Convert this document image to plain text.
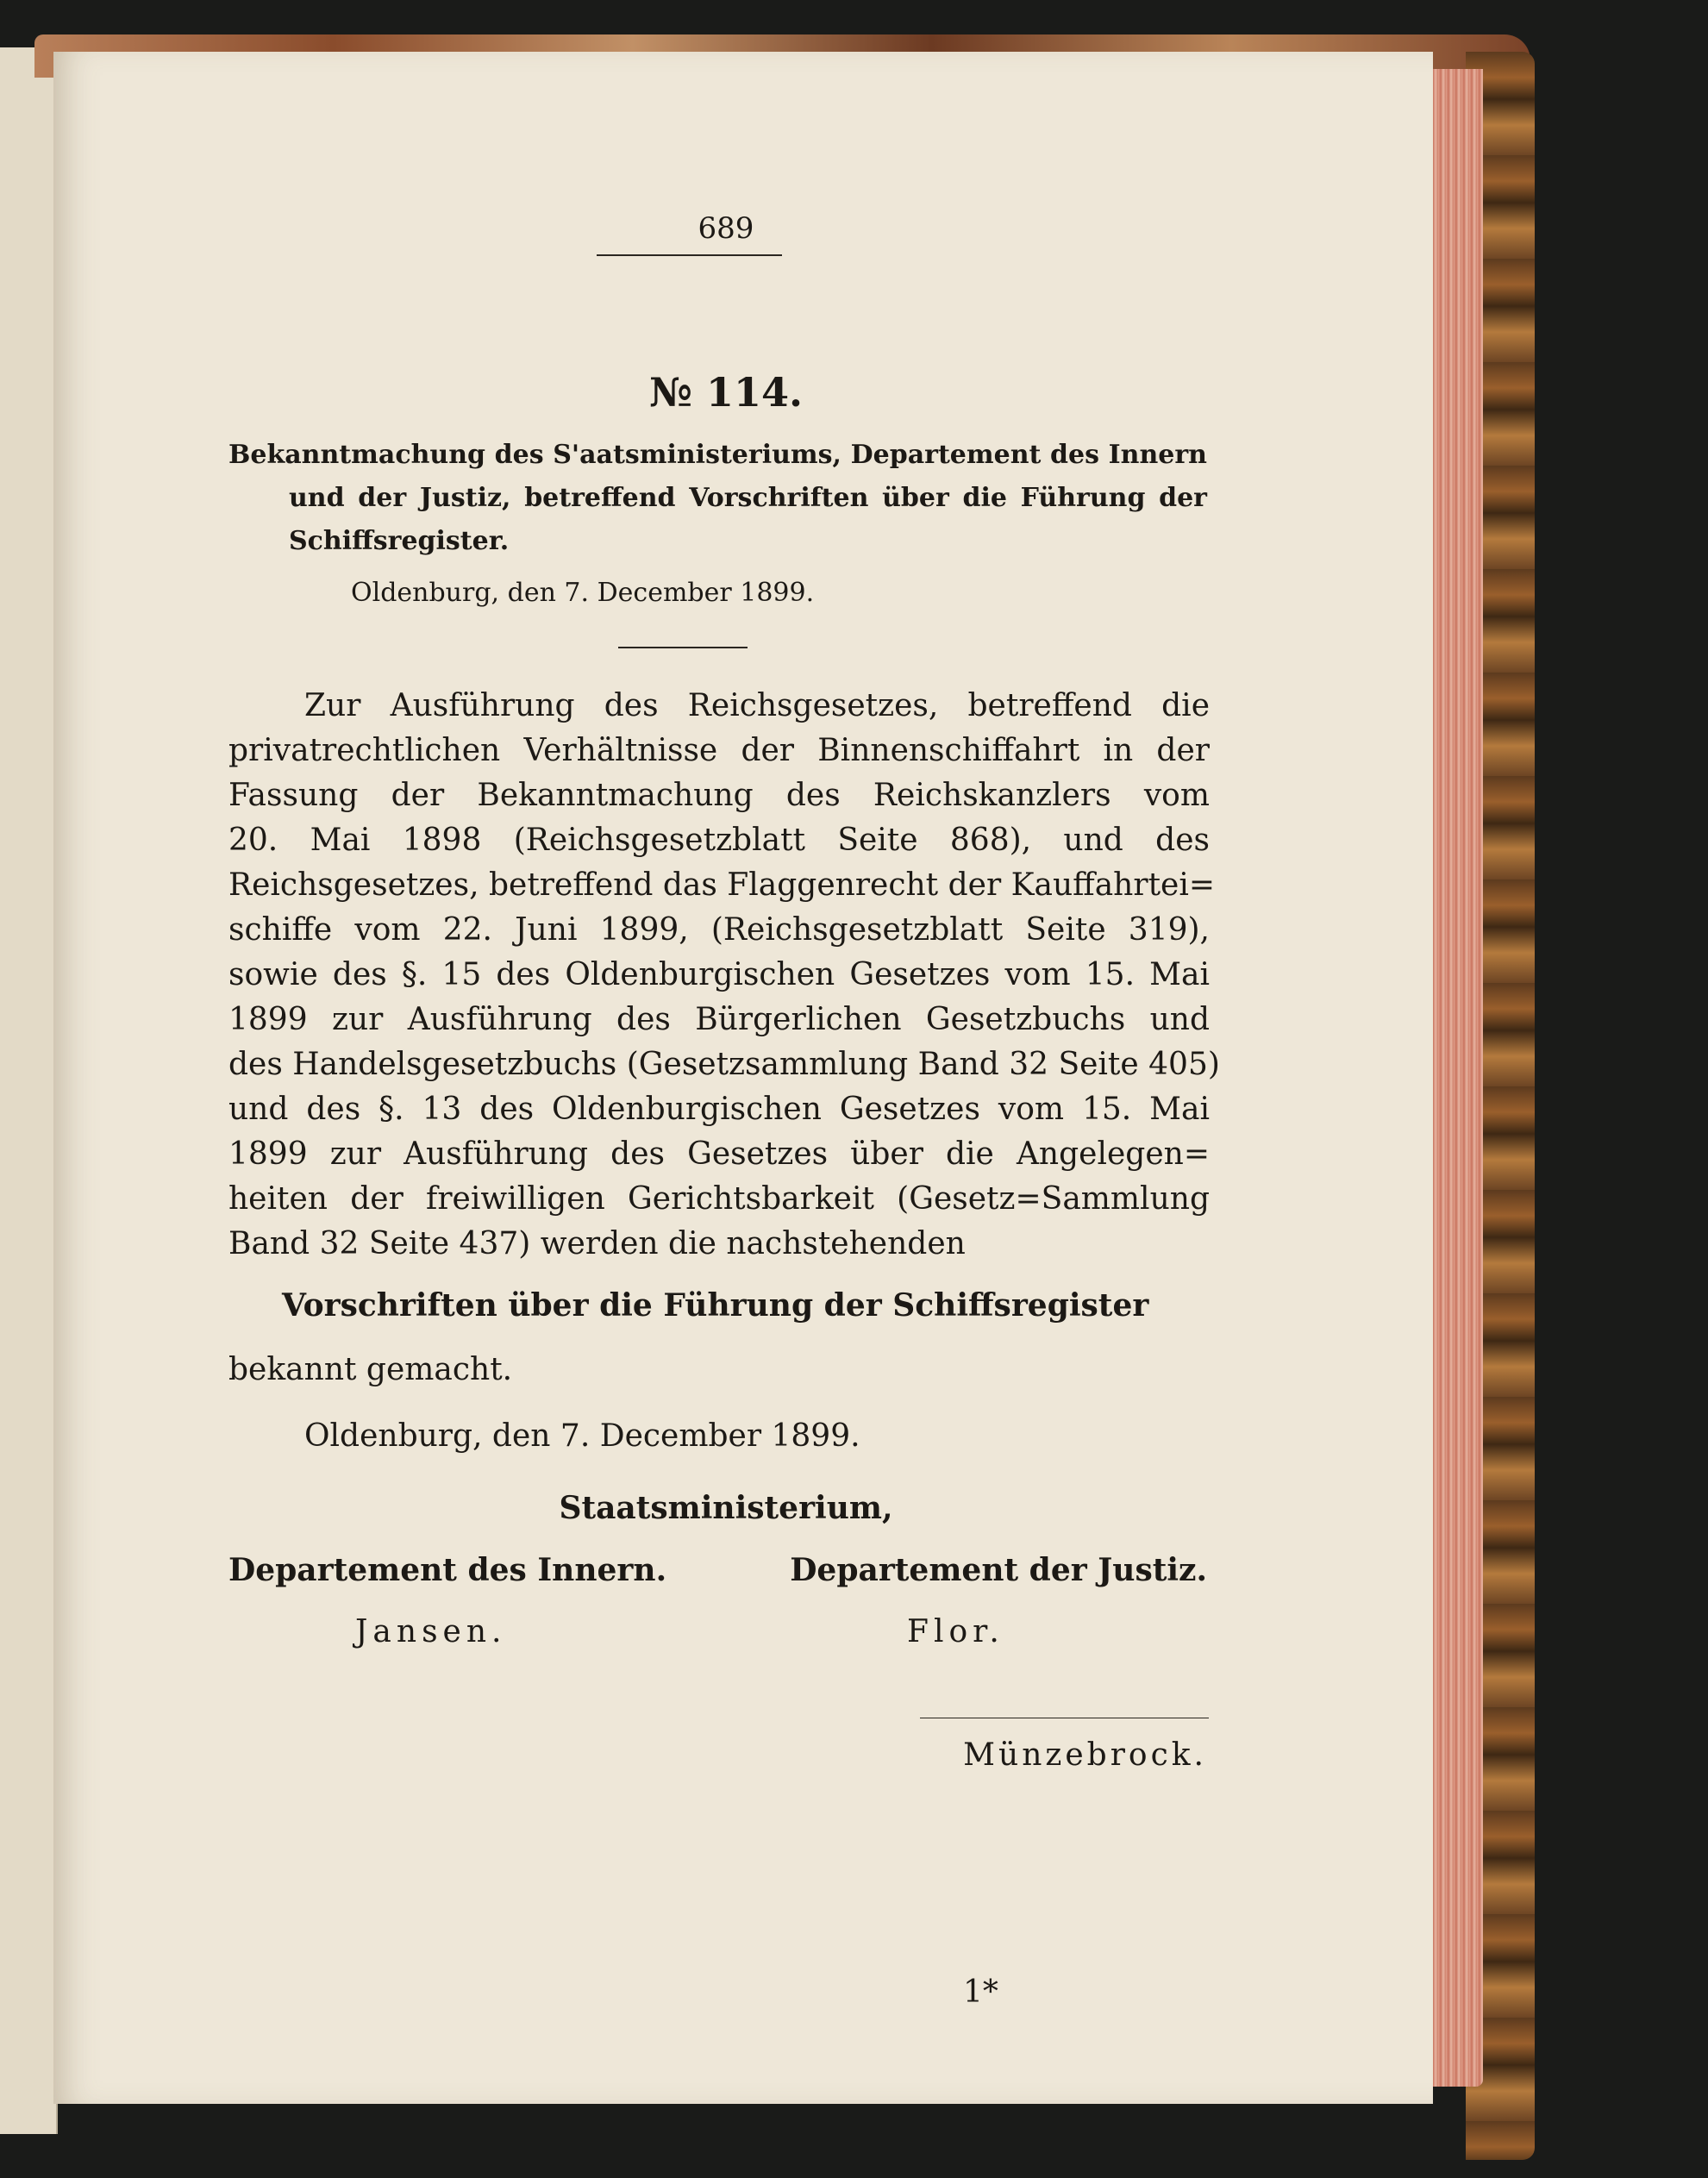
689
№ 114.
Bekanntmachung des S'aatsministeriums, Departement des Innern
und der Justiz, betreffend Vorschriften über die Führung der
Schiffsregister.
Oldenburg, den 7. December 1899.
Zur Ausführung des Reichsgesetzes, betreffend die
privatrechtlichen Verhältnisse der Binnenschiffahrt in der
Fassung der Bekanntmachung des Reichskanzlers vom
20. Mai 1898 (Reichsgesetzblatt Seite 868), und des
Reichsgesetzes, betreffend das Flaggenrecht der Kauffahrtei=
schiffe vom 22. Juni 1899, (Reichsgesetzblatt Seite 319),
sowie des §. 15 des Oldenburgischen Gesetzes vom 15. Mai
1899 zur Ausführung des Bürgerlichen Gesetzbuchs und
des Handelsgesetzbuchs (Gesetzsammlung Band 32 Seite 405)
und des §. 13 des Oldenburgischen Gesetzes vom 15. Mai
1899 zur Ausführung des Gesetzes über die Angelegen=
heiten der freiwilligen Gerichtsbarkeit (Gesetz=Sammlung
Band 32 Seite 437) werden die nachstehenden
Vorschriften über die Führung der Schiffsregister
bekannt gemacht.
Oldenburg, den 7. December 1899.
Staatsministerium,
Departement des Innern.	Departement der Justiz.
Jansen.	Flor.
Münzebrock.
1*
